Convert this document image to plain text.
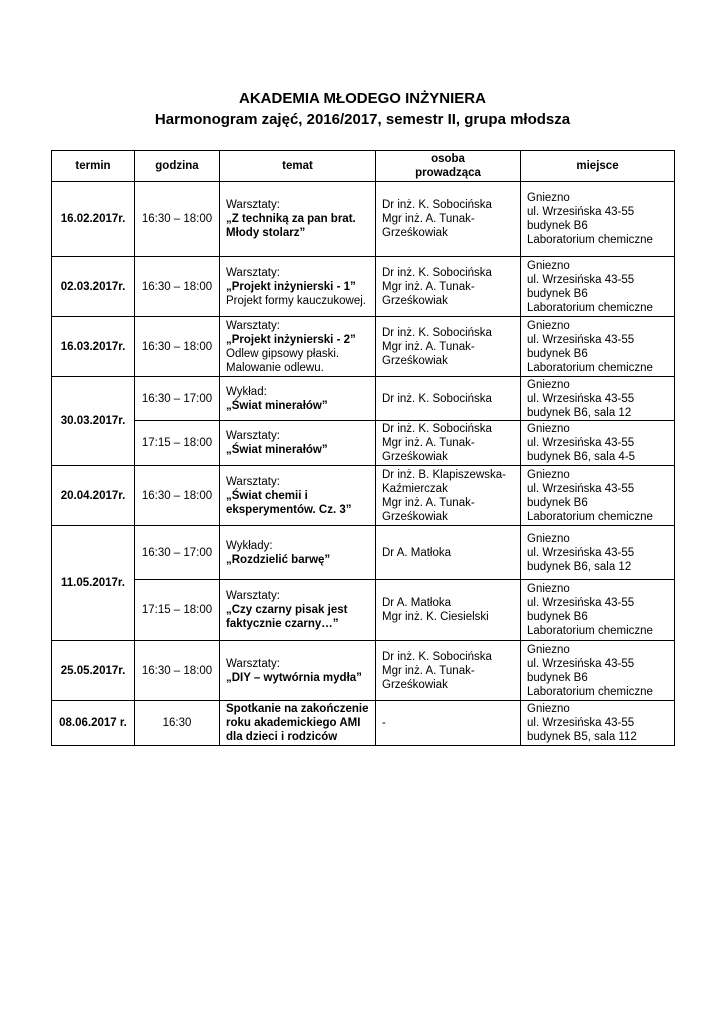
AKADEMIA MŁODEGO INŻYNIERA
Harmonogram zajęć, 2016/2017, semestr II, grupa młodsza
termin	godzina	temat	osoba
prowadząca	miejsce
16.02.2017r.	16:30 – 18:00	Warsztaty:
„Z techniką za pan brat.
Młody stolarz”	Dr inż. K. Sobocińska
Mgr inż. A. Tunak-
Grześkowiak	Gniezno
ul. Wrzesińska 43-55
budynek B6
Laboratorium chemiczne

02.03.2017r.	16:30 – 18:00	Warsztaty:
„Projekt inżynierski - 1”
Projekt formy kauczukowej.	Dr inż. K. Sobocińska
Mgr inż. A. Tunak-
Grześkowiak	Gniezno
ul. Wrzesińska 43-55
budynek B6
Laboratorium chemiczne

16.03.2017r.	16:30 – 18:00	Warsztaty:
„Projekt inżynierski - 2”
Odlew gipsowy płaski.
Malowanie odlewu.	Dr inż. K. Sobocińska
Mgr inż. A. Tunak-
Grześkowiak	Gniezno
ul. Wrzesińska 43-55
budynek B6
Laboratorium chemiczne

30.03.2017r.	16:30 – 17:00	Wykład:
„Świat minerałów”	Dr inż. K. Sobocińska	Gniezno
ul. Wrzesińska 43-55
budynek B6, sala 12

	17:15 – 18:00	Warsztaty:
„Świat minerałów”	Dr inż. K. Sobocińska
Mgr inż. A. Tunak-
Grześkowiak	Gniezno
ul. Wrzesińska 43-55
budynek B6, sala 4-5

20.04.2017r.	16:30 – 18:00	Warsztaty:
„Świat chemii i
eksperymentów. Cz. 3”	Dr inż. B. Klapiszewska-
Kaźmierczak
Mgr inż. A. Tunak-
Grześkowiak	Gniezno
ul. Wrzesińska 43-55
budynek B6
Laboratorium chemiczne

11.05.2017r.	16:30 – 17:00	Wykłady:
„Rozdzielić barwę”	Dr A. Matłoka	Gniezno
ul. Wrzesińska 43-55
budynek B6, sala 12

	17:15 – 18:00	Warsztaty:
„Czy czarny pisak jest
faktycznie czarny…”	Dr A. Matłoka
Mgr inż. K. Ciesielski	Gniezno
ul. Wrzesińska 43-55
budynek B6
Laboratorium chemiczne

25.05.2017r.	16:30 – 18:00	Warsztaty:
„DIY – wytwórnia mydła”	Dr inż. K. Sobocińska
Mgr inż. A. Tunak-
Grześkowiak	Gniezno
ul. Wrzesińska 43-55
budynek B6
Laboratorium chemiczne

08.06.2017 r.	16:30	Spotkanie na zakończenie
roku akademickiego AMI
dla dzieci i rodziców	-	Gniezno
ul. Wrzesińska 43-55
budynek B5, sala 112
